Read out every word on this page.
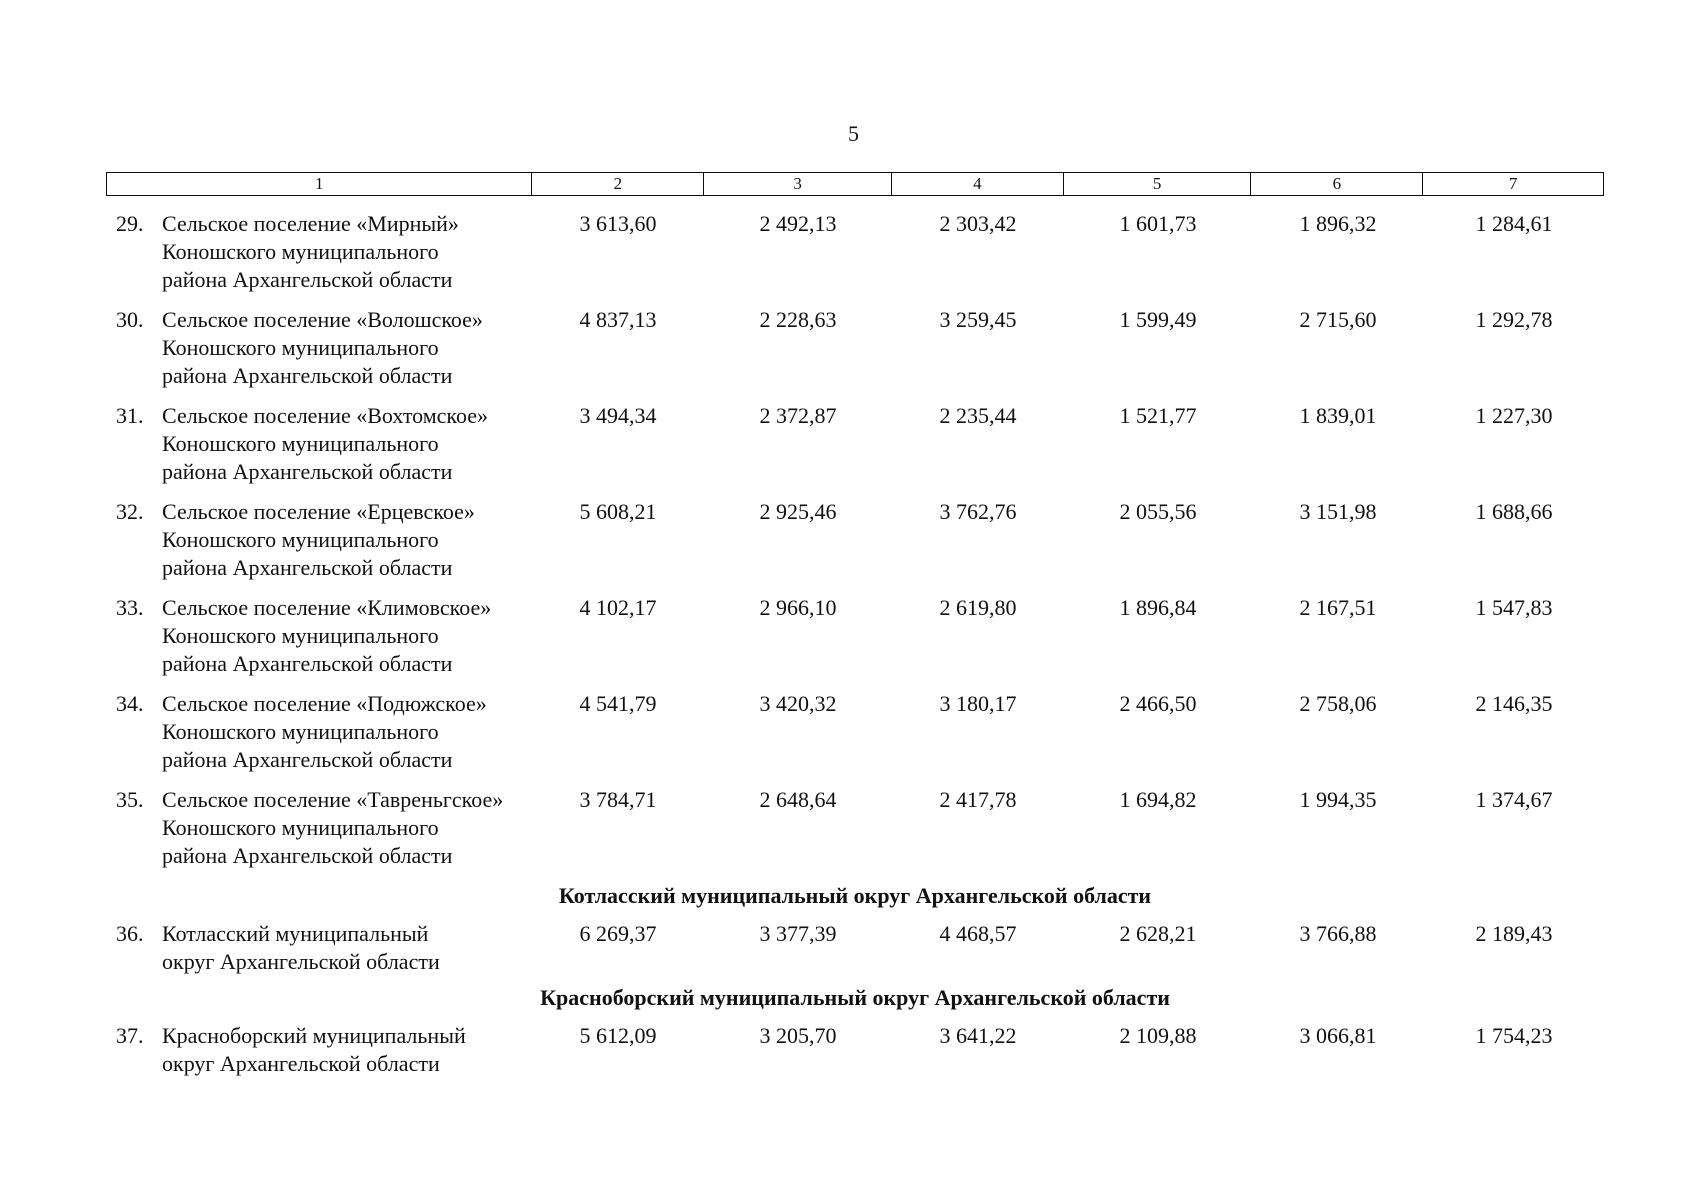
5
1	2	3	4	5	6	7
29. Сельское поселение «Мирный»
Коношского муниципального
района Архангельской области
3 613,60	2 492,13	2 303,42	1 601,73	1 896,32	1 284,61
30. Сельское поселение «Волошское»
Коношского муниципального
района Архангельской области
4 837,13	2 228,63	3 259,45	1 599,49	2 715,60	1 292,78
31. Сельское поселение «Вохтомское»
Коношского муниципального
района Архангельской области
3 494,34	2 372,87	2 235,44	1 521,77	1 839,01	1 227,30
32. Сельское поселение «Ерцевское»
Коношского муниципального
района Архангельской области
5 608,21	2 925,46	3 762,76	2 055,56	3 151,98	1 688,66
33. Сельское поселение «Климовское»
Коношского муниципального
района Архангельской области
4 102,17	2 966,10	2 619,80	1 896,84	2 167,51	1 547,83
34. Сельское поселение «Подюжское»
Коношского муниципального
района Архангельской области
4 541,79	3 420,32	3 180,17	2 466,50	2 758,06	2 146,35
35. Сельское поселение «Тавреньгское»
Коношского муниципального
района Архангельской области
3 784,71	2 648,64	2 417,78	1 694,82	1 994,35	1 374,67
Котласский муниципальный округ Архангельской области
36. Котласский муниципальный
округ Архангельской области
6 269,37	3 377,39	4 468,57	2 628,21	3 766,88	2 189,43
Красноборский муниципальный округ Архангельской области
37. Красноборский муниципальный
округ Архангельской области
5 612,09	3 205,70	3 641,22	2 109,88	3 066,81	1 754,23
